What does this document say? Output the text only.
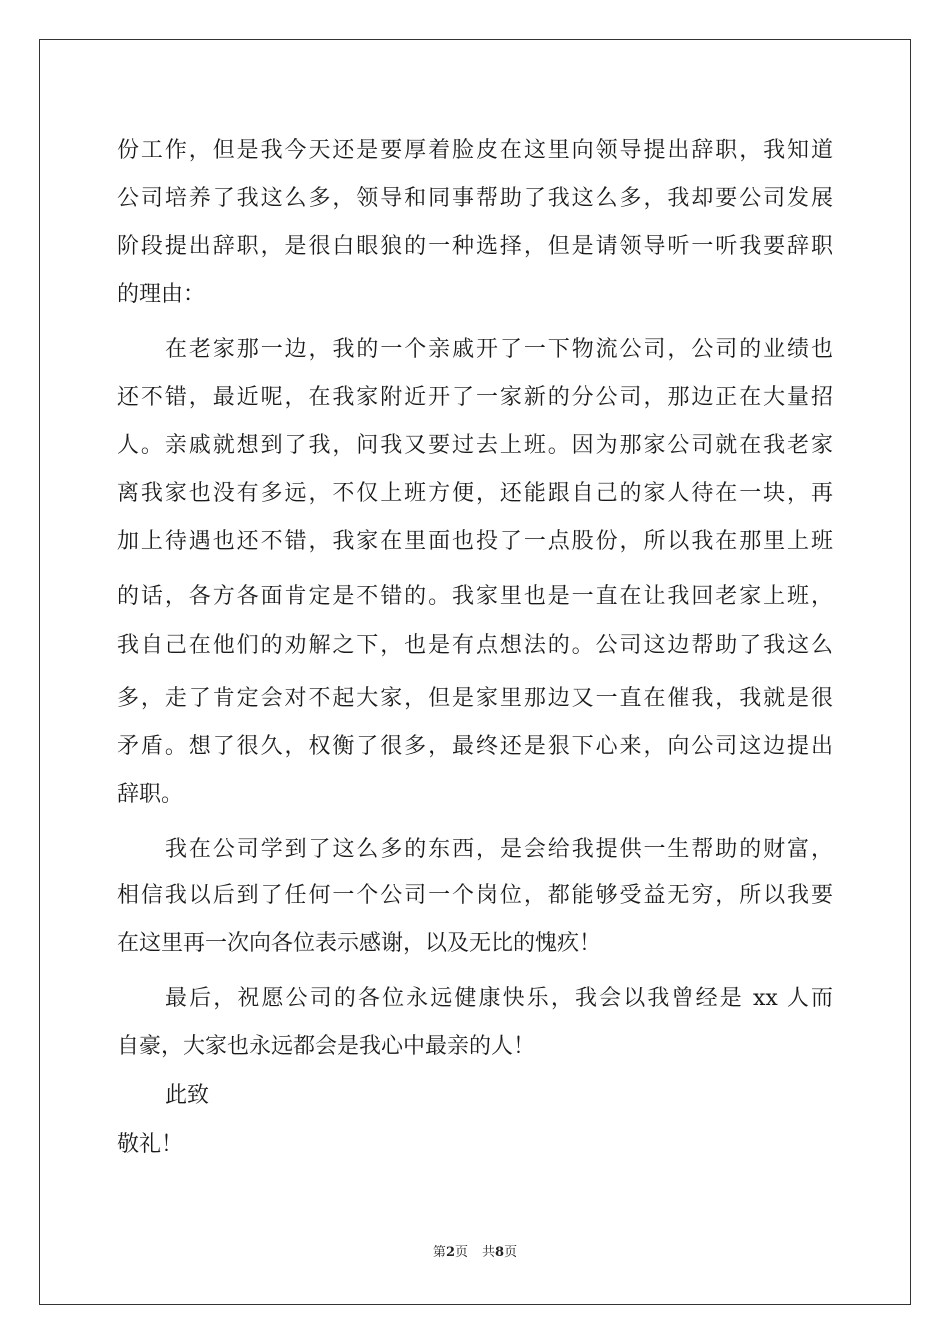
份工作，但是我今天还是要厚着脸皮在这里向领导提出辞职，我知道
公司培养了我这么多，领导和同事帮助了我这么多，我却要公司发展
阶段提出辞职，是很白眼狼的一种选择，但是请领导听一听我要辞职
的理由：
在老家那一边，我的一个亲戚开了一下物流公司，公司的业绩也
还不错，最近呢，在我家附近开了一家新的分公司，那边正在大量招
人。亲戚就想到了我，问我又要过去上班。因为那家公司就在我老家
离我家也没有多远，不仅上班方便，还能跟自己的家人待在一块，再
加上待遇也还不错，我家在里面也投了一点股份，所以我在那里上班
的话，各方各面肯定是不错的。我家里也是一直在让我回老家上班，
我自己在他们的劝解之下，也是有点想法的。公司这边帮助了我这么
多，走了肯定会对不起大家，但是家里那边又一直在催我，我就是很
矛盾。想了很久，权衡了很多，最终还是狠下心来，向公司这边提出
辞职。
我在公司学到了这么多的东西，是会给我提供一生帮助的财富，
相信我以后到了任何一个公司一个岗位，都能够受益无穷，所以我要
在这里再一次向各位表示感谢，以及无比的愧疚！
最后，祝愿公司的各位永远健康快乐，我会以我曾经是 xx 人而
自豪，大家也永远都会是我心中最亲的人！
此致
敬礼！
第2页 共8页
